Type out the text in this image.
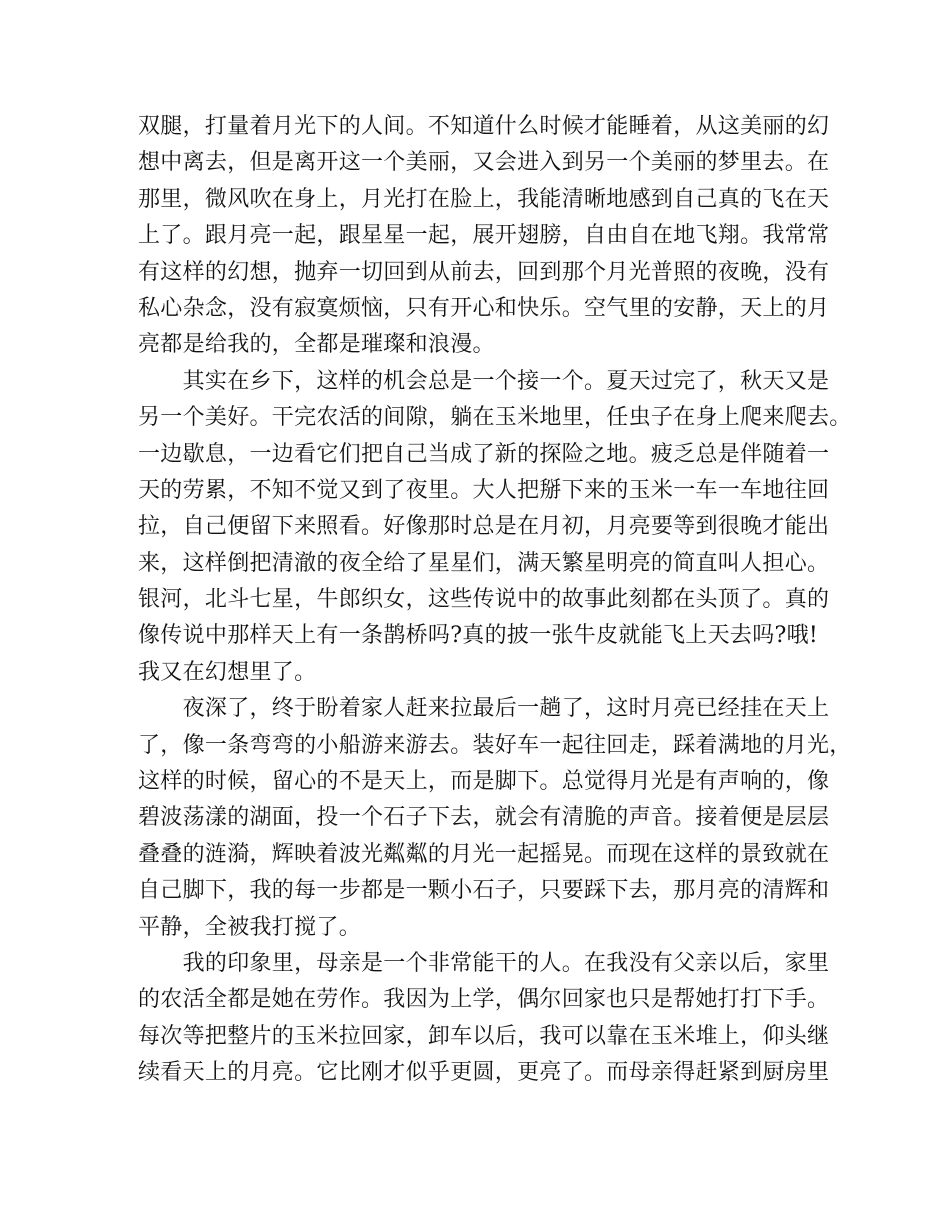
双腿，打量着月光下的人间。不知道什么时候才能睡着，从这美丽的幻
想中离去，但是离开这一个美丽，又会进入到另一个美丽的梦里去。在
那里，微风吹在身上，月光打在脸上，我能清晰地感到自己真的飞在天
上了。跟月亮一起，跟星星一起，展开翅膀，自由自在地飞翔。我常常
有这样的幻想，抛弃一切回到从前去，回到那个月光普照的夜晚，没有
私心杂念，没有寂寞烦恼，只有开心和快乐。空气里的安静，天上的月
亮都是给我的，全都是璀璨和浪漫。

　　其实在乡下，这样的机会总是一个接一个。夏天过完了，秋天又是
另一个美好。干完农活的间隙，躺在玉米地里，任虫子在身上爬来爬去。
一边歇息，一边看它们把自己当成了新的探险之地。疲乏总是伴随着一
天的劳累，不知不觉又到了夜里。大人把掰下来的玉米一车一车地往回
拉，自己便留下来照看。好像那时总是在月初，月亮要等到很晚才能出
来，这样倒把清澈的夜全给了星星们，满天繁星明亮的简直叫人担心。
银河，北斗七星，牛郎织女，这些传说中的故事此刻都在头顶了。真的
像传说中那样天上有一条鹊桥吗?真的披一张牛皮就能飞上天去吗?哦!
我又在幻想里了。

　　夜深了，终于盼着家人赶来拉最后一趟了，这时月亮已经挂在天上
了，像一条弯弯的小船游来游去。装好车一起往回走，踩着满地的月光，
这样的时候，留心的不是天上，而是脚下。总觉得月光是有声响的，像
碧波荡漾的湖面，投一个石子下去，就会有清脆的声音。接着便是层层
叠叠的涟漪，辉映着波光粼粼的月光一起摇晃。而现在这样的景致就在
自己脚下，我的每一步都是一颗小石子，只要踩下去，那月亮的清辉和
平静，全被我打搅了。

　　我的印象里，母亲是一个非常能干的人。在我没有父亲以后，家里
的农活全都是她在劳作。我因为上学，偶尔回家也只是帮她打打下手。
每次等把整片的玉米拉回家，卸车以后，我可以靠在玉米堆上，仰头继
续看天上的月亮。它比刚才似乎更圆，更亮了。而母亲得赶紧到厨房里
